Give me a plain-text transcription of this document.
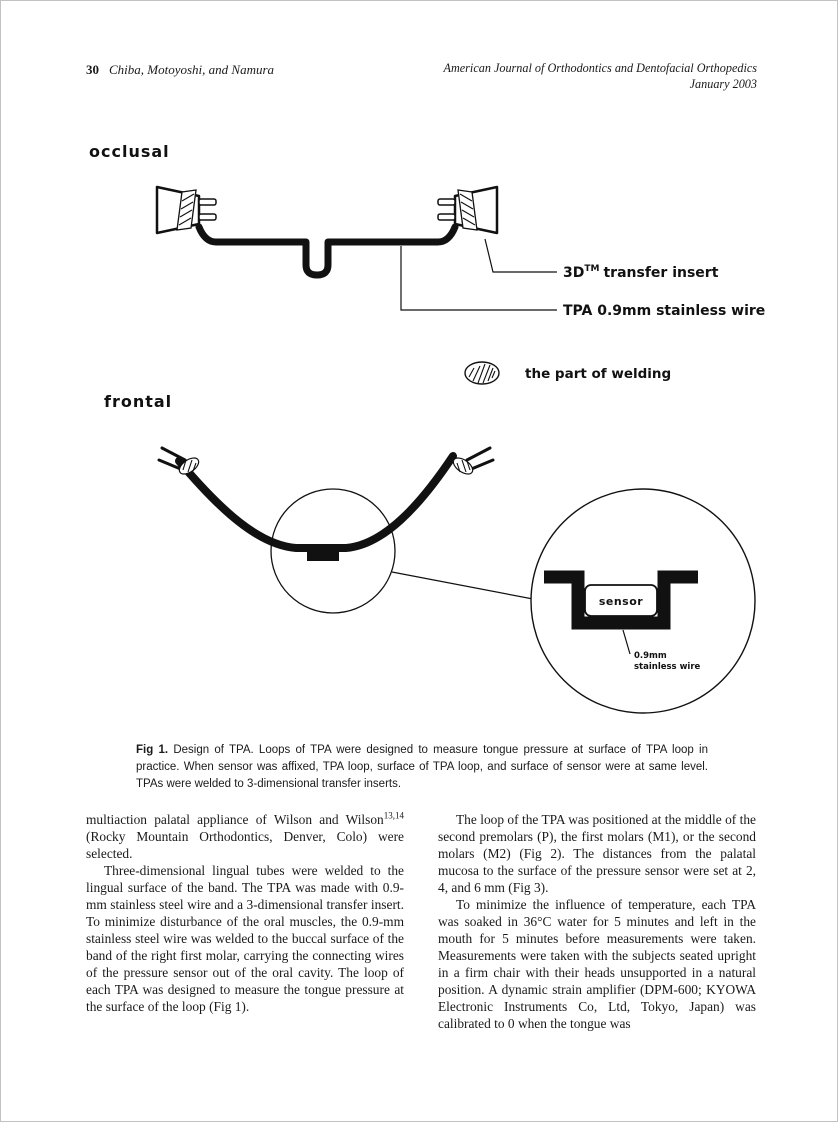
30 Chiba, Motoyoshi, and Namura	American Journal of Orthodontics and Dentofacial Orthopedics
January 2003
occlusal
3D™ transfer insert
TPA 0.9mm stainless wire
the part of welding
frontal
sensor
0.9mm
stainless wire

Fig 1. Design of TPA. Loops of TPA were designed to measure tongue pressure at surface of TPA loop in practice. When sensor was affixed, TPA loop, surface of TPA loop, and surface of sensor were at same level. TPAs were welded to 3-dimensional transfer inserts.

multiaction palatal appliance of Wilson and Wilson$^{13,14}$ (Rocky Mountain Orthodontics, Denver, Colo) were selected.

Three-dimensional lingual tubes were welded to the lingual surface of the band. The TPA was made with 0.9-mm stainless steel wire and a 3-dimensional transfer insert. To minimize disturbance of the oral muscles, the 0.9-mm stainless steel wire was welded to the buccal surface of the band of the right first molar, carrying the connecting wires of the pressure sensor out of the oral cavity. The loop of each TPA was designed to measure the tongue pressure at the surface of the loop (Fig 1).

The loop of the TPA was positioned at the middle of the second premolars (P), the first molars (M1), or the second molars (M2) (Fig 2). The distances from the palatal mucosa to the surface of the pressure sensor were set at 2, 4, and 6 mm (Fig 3).

To minimize the influence of temperature, each TPA was soaked in 36°C water for 5 minutes and left in the mouth for 5 minutes before measurements were taken. Measurements were taken with the subjects seated upright in a firm chair with their heads unsupported in a natural position. A dynamic strain amplifier (DPM-600; KYOWA Electronic Instruments Co, Ltd, Tokyo, Japan) was calibrated to 0 when the tongue was
